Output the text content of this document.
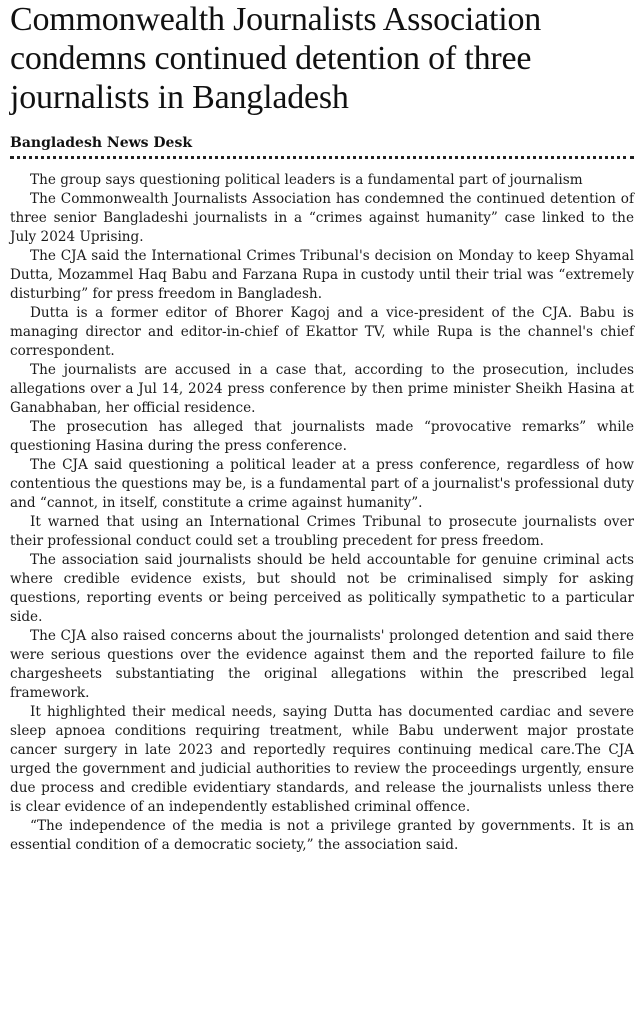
Commonwealth Journalists Association condemns continued detention of three journalists in Bangladesh
Bangladesh News Desk

The group says questioning political leaders is a fundamental part of journalism

The Commonwealth Journalists Association has condemned the continued detention of three senior Bangladeshi journalists in a “crimes against humanity” case linked to the July 2024 Uprising.

The CJA said the International Crimes Tribunal's decision on Monday to keep Shyamal Dutta, Mozammel Haq Babu and Farzana Rupa in custody until their trial was “extremely disturbing” for press freedom in Bangladesh.

Dutta is a former editor of Bhorer Kagoj and a vice-president of the CJA. Babu is managing director and editor-in-chief of Ekattor TV, while Rupa is the channel's chief correspondent.

The journalists are accused in a case that, according to the prosecution, includes allegations over a Jul 14, 2024 press conference by then prime minister Sheikh Hasina at Ganabhaban, her official residence.

The prosecution has alleged that journalists made “provocative remarks” while questioning Hasina during the press conference.

The CJA said questioning a political leader at a press conference, regardless of how contentious the questions may be, is a fundamental part of a journalist's professional duty and “cannot, in itself, constitute a crime against humanity”.

It warned that using an International Crimes Tribunal to prosecute journalists over their professional conduct could set a troubling precedent for press freedom.

The association said journalists should be held accountable for genuine criminal acts where credible evidence exists, but should not be criminalised simply for asking questions, reporting events or being perceived as politically sympathetic to a particular side.

The CJA also raised concerns about the journalists' prolonged detention and said there were serious questions over the evidence against them and the reported failure to file chargesheets substantiating the original allegations within the prescribed legal framework.

It highlighted their medical needs, saying Dutta has documented cardiac and severe sleep apnoea conditions requiring treatment, while Babu underwent major prostate cancer surgery in late 2023 and reportedly requires continuing medical care.The CJA urged the government and judicial authorities to review the proceedings urgently, ensure due process and credible evidentiary standards, and release the journalists unless there is clear evidence of an independently established criminal offence.

“The independence of the media is not a privilege granted by governments. It is an essential condition of a democratic society,” the association said.
